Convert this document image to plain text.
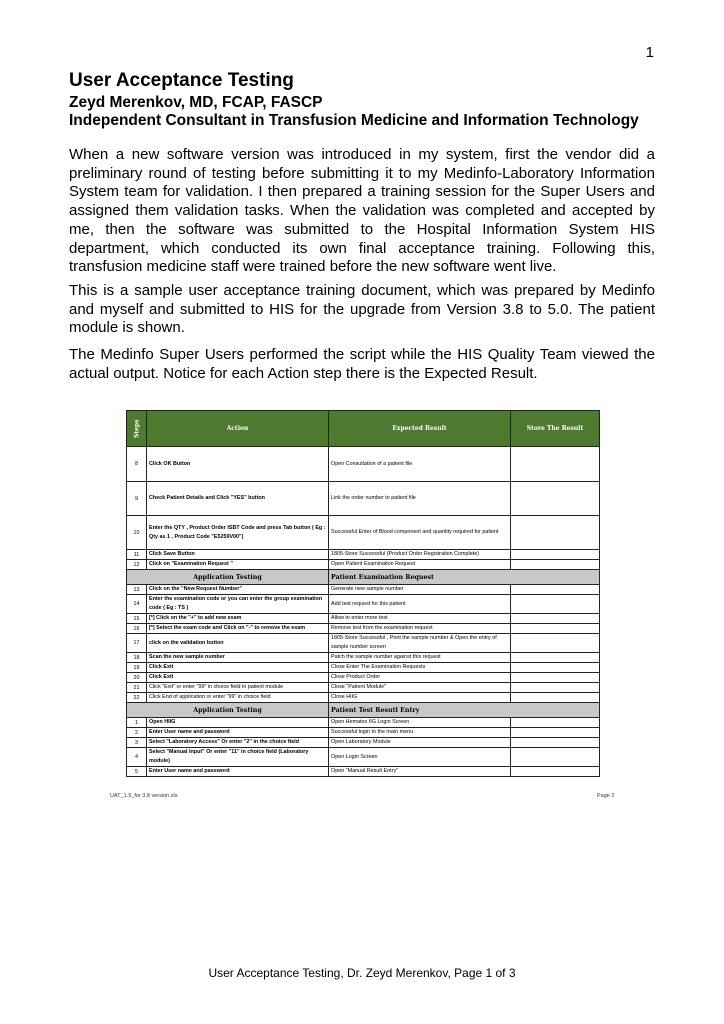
1
User Acceptance Testing
Zeyd Merenkov, MD, FCAP, FASCP
Independent Consultant in Transfusion Medicine and Information Technology

When a new software version was introduced in my system, first the vendor did a preliminary round of testing before submitting it to my Medinfo-Laboratory Information System team for validation. I then prepared a training session for the Super Users and assigned them validation tasks. When the validation was completed and accepted by me, then the software was submitted to the Hospital Information System HIS department, which conducted its own final acceptance training. Following this, transfusion medicine staff were trained before the new software went live.

This is a sample user acceptance training document, which was prepared by Medinfo and myself and submitted to HIS for the upgrade from Version 3.8 to 5.0. The patient module is shown.

The Medinfo Super Users performed the script while the HIS Quality Team viewed the actual output. Notice for each Action step there is the Expected Result.

Steps	Action	Expected Result	Store The Result
8	Click OK Button	Open Consultation of a patient file	
9	Check Patient Details and Click "YES" button	Link the order number to patient file	
10	Enter the QTY , Product Order ISBT Code and press Tab button ( Eg : Qty as 1 , Product Code "E5259V00")	Successful Enter of Blood component and quantity required for patient	
11	Click Save Button	1805-Store Successful (Product Order Registration Complete)	
12	Click on "Examination Request "	Open Patient Examination Request	
Application Testing		Patient Examination Request	
13	Click on the "New Request Number"	Generate new sample number	
14	Enter the examination code or you can enter the group examination code ( Eg : TS )	Add test request for this patient	
15	[*] Click on the "+" to add new exam	Allow to enter more test	
16	[*] Select the exam code and Click on "-" to remove the exam	Remove test from the examination request	
17	click on the validation button	1805-Store Successful , Print the sample number & Open the entry of sample number screen	
18	Scan the new sample number	Patch the sample number against this request	
19	Click Exit	Close Enter The Examination Requests	
20	Click Exit	Close Product Order	
21	Click "Exit" or enter "99" in choice field in patient module	Close "Patient Module"	
22	Click End of application or enter "99" in choice field	Close HIIG	
Application Testing		Patient Test Resutl Entry	
1	Open HIIG	Open Hematos IIG Login Screen	
2	Enter User name and password	Successful login to the main menu	
3	Select "Laboratory Access" Or enter "2" in the choice field	Open Laboratory Module	
4	Select "Manual Input" Or enter "11" in choice field (Laboratory module)	Open Login Screen	
5	Enter User name and password	Open "Manual Result Entry"	
UAT_1.9_for 3.8 version.xls	Page 2
User Acceptance Testing, Dr. Zeyd Merenkov, Page 1 of 3
